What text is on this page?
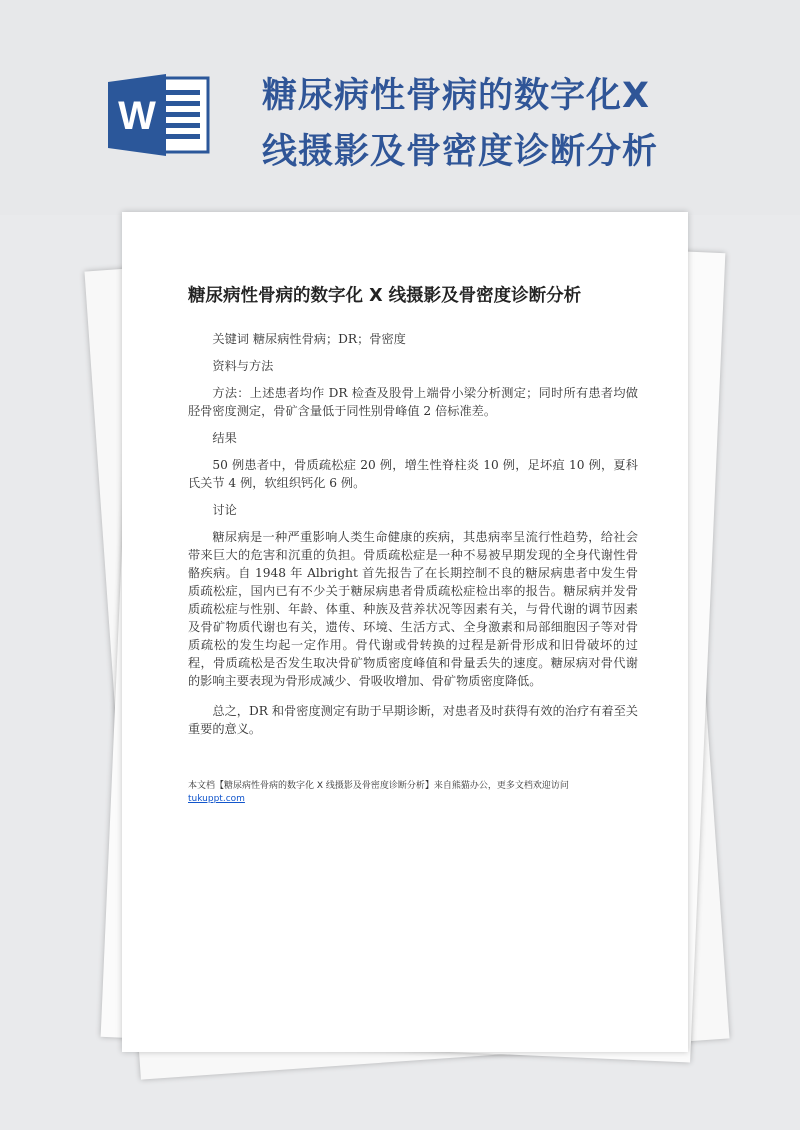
W	糖尿病性骨病的数字化X线摄影及骨密度诊断分析
糖尿病性骨病的数字化 X 线摄影及骨密度诊断分析

关键词 糖尿病性骨病；DR；骨密度

资料与方法

方法：上述患者均作 DR 检查及股骨上端骨小梁分析测定；同时所有患者均做胫骨密度测定，骨矿含量低于同性别骨峰值 2 倍标准差。

结果

50 例患者中，骨质疏松症 20 例，增生性脊柱炎 10 例，足坏疽 10 例，夏科氏关节 4 例，软组织钙化 6 例。

讨论

糖尿病是一种严重影响人类生命健康的疾病，其患病率呈流行性趋势，给社会带来巨大的危害和沉重的负担。骨质疏松症是一种不易被早期发现的全身代谢性骨骼疾病。自 1948 年 Albright 首先报告了在长期控制不良的糖尿病患者中发生骨质疏松症，国内已有不少关于糖尿病患者骨质疏松症检出率的报告。糖尿病并发骨质疏松症与性别、年龄、体重、种族及营养状况等因素有关，与骨代谢的调节因素及骨矿物质代谢也有关，遗传、环境、生活方式、全身激素和局部细胞因子等对骨质疏松的发生均起一定作用。骨代谢或骨转换的过程是新骨形成和旧骨破坏的过程，骨质疏松是否发生取决骨矿物质密度峰值和骨量丢失的速度。糖尿病对骨代谢的影响主要表现为骨形成减少、骨吸收增加、骨矿物质密度降低。

总之，DR 和骨密度测定有助于早期诊断，对患者及时获得有效的治疗有着至关重要的意义。

本文档【糖尿病性骨病的数字化 X 线摄影及骨密度诊断分析】来自熊猫办公，更多文档欢迎访问
tukuppt.com
